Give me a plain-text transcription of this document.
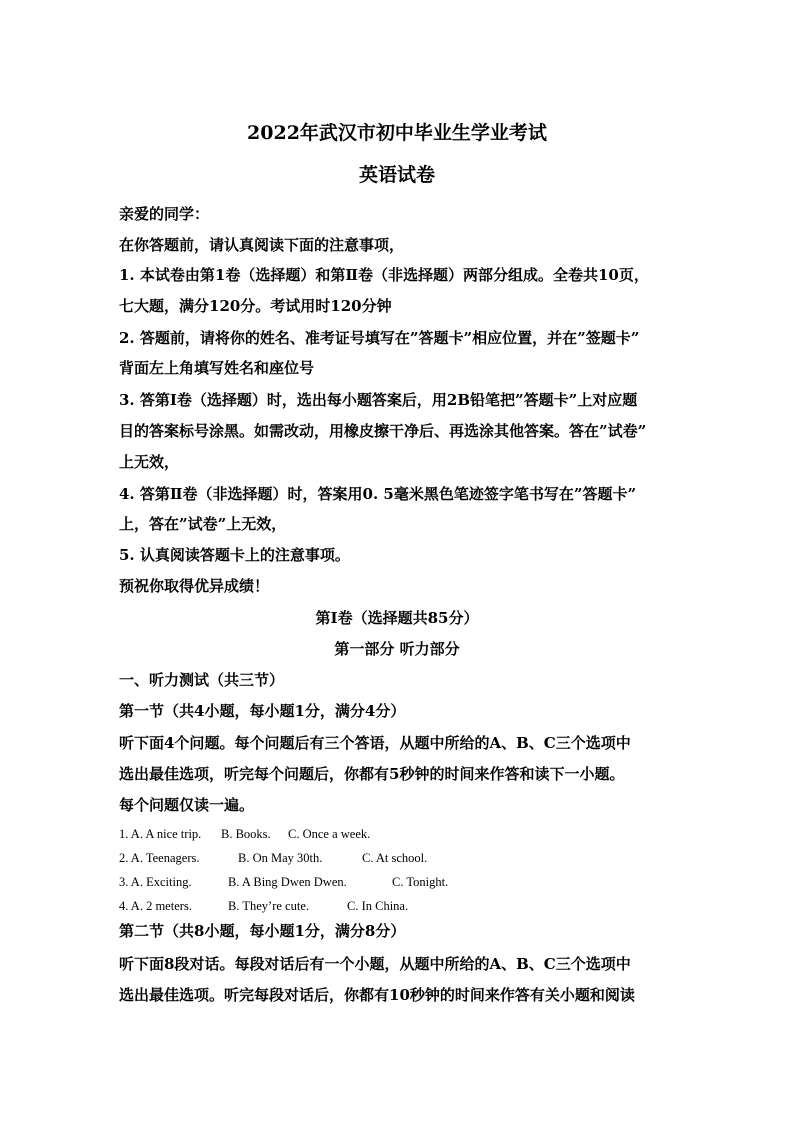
2022年武汉市初中毕业生学业考试
英语试卷
亲爱的同学：
在你答题前，请认真阅读下面的注意事项，
1. 本试卷由第1卷（选择题）和第Ⅱ卷（非选择题）两部分组成。全卷共10页，
七大题，满分120分。考试用时120分钟
2. 答题前，请将你的姓名、准考证号填写在”答题卡”相应位置，并在”签题卡”
背面左上角填写姓名和座位号
3. 答第Ⅰ卷（选择题）时，选出每小题答案后，用2B铅笔把”答题卡”上对应题
目的答案标号涂黑。如需改动，用橡皮擦干净后、再选涂其他答案。答在”试卷”
上无效，
4. 答第Ⅱ卷（非选择题）时，答案用0. 5毫米黑色笔迹签字笔书写在”答题卡”
上，答在”试卷”上无效，
5. 认真阅读答题卡上的注意事项。
预祝你取得优异成绩！
第Ⅰ卷（选择题共85分）
第一部分 听力部分
一、听力测试（共三节）
第一节（共4小题，每小题1分，满分4分）
听下面4个问题。每个问题后有三个答语，从题中所给的A、B、C三个选项中
选出最佳选项，听完每个问题后，你都有5秒钟的时间来作答和读下一小题。
每个问题仅读一遍。
1. A. A nice trip. B. Books. C. Once a week.
2. A. Teenagers.	B. On May 30th.	C. At school.
3. A. Exciting.	B. A Bing Dwen Dwen.	C. Tonight.
4. A. 2 meters.	B. They’re cute.	C. In China.
第二节（共8小题，每小题1分，满分8分）
听下面8段对话。每段对话后有一个小题，从题中所给的A、B、C三个选项中
选出最佳选项。听完每段对话后，你都有10秒钟的时间来作答有关小题和阅读
